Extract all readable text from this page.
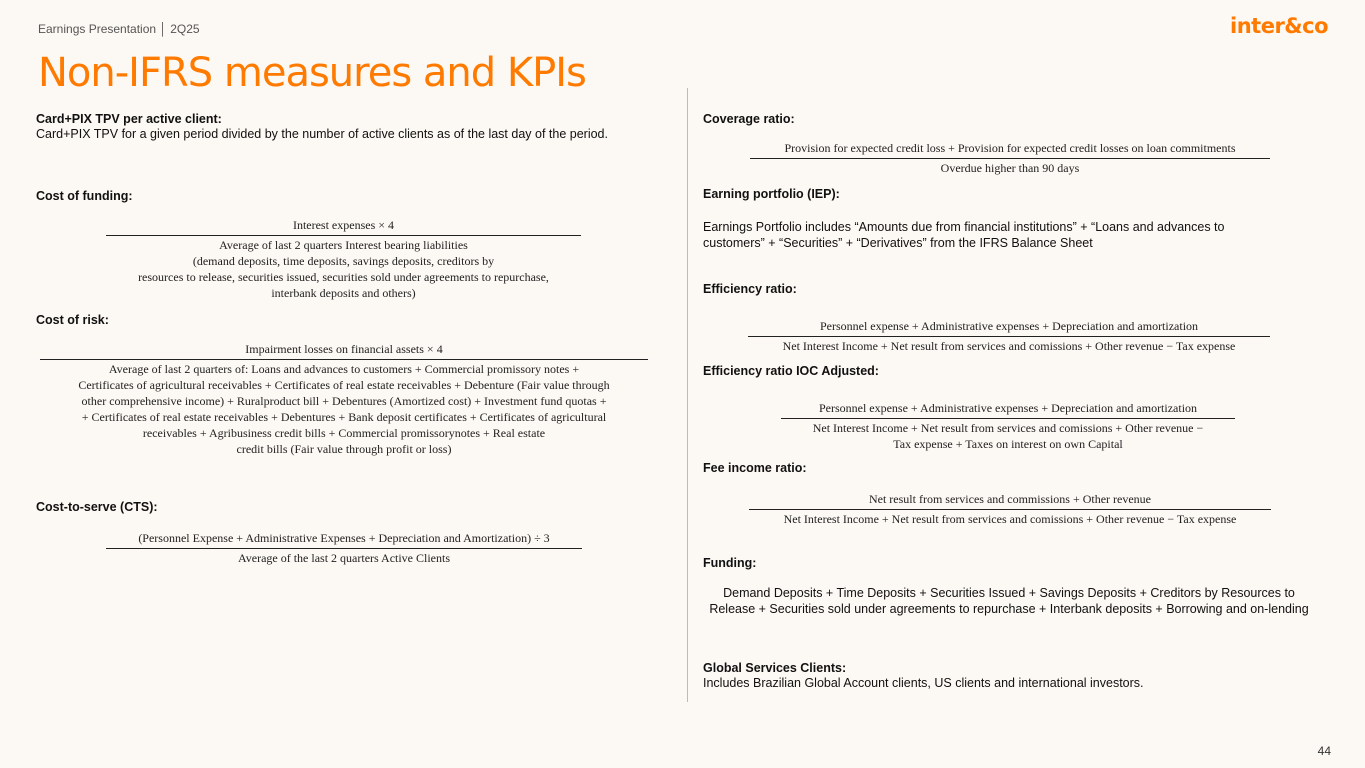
Earnings Presentation │ 2Q25	inter&co
Non-IFRS measures and KPIs
Card+PIX TPV per active client:
Card+PIX TPV for a given period divided by the number of active clients as of the last day of the period.
Cost of funding:
Interest expenses × 4
Average of last 2 quarters Interest bearing liabilities
(demand deposits, time deposits, savings deposits, creditors by
resources to release, securities issued, securities sold under agreements to repurchase,
interbank deposits and others)
Cost of risk:
Impairment losses on financial assets × 4
Average of last 2 quarters of: Loans and advances to customers + Commercial promissory notes +
Certificates of agricultural receivables + Certificates of real estate receivables + Debenture (Fair value through
other comprehensive income) + Ruralproduct bill + Debentures (Amortized cost) + Investment fund quotas +
+ Certificates of real estate receivables + Debentures + Bank deposit certificates + Certificates of agricultural
receivables + Agribusiness credit bills + Commercial promissorynotes + Real estate
credit bills (Fair value through profit or loss)
Cost-to-serve (CTS):
(Personnel Expense + Administrative Expenses + Depreciation and Amortization) ÷ 3
Average of the last 2 quarters Active Clients
Coverage ratio:
Provision for expected credit loss + Provision for expected credit losses on loan commitments
Overdue higher than 90 days
Earning portfolio (IEP):
Earnings Portfolio includes “Amounts due from financial institutions” + “Loans and advances to customers” + “Securities” + “Derivatives” from the IFRS Balance Sheet
Efficiency ratio:
Personnel expense + Administrative expenses + Depreciation and amortization
Net Interest Income + Net result from services and comissions + Other revenue − Tax expense
Efficiency ratio IOC Adjusted:
Personnel expense + Administrative expenses + Depreciation and amortization
Net Interest Income + Net result from services and comissions + Other revenue −
Tax expense + Taxes on interest on own Capital
Fee income ratio:
Net result from services and commissions + Other revenue
Net Interest Income + Net result from services and comissions + Other revenue − Tax expense
Funding:
Demand Deposits + Time Deposits + Securities Issued + Savings Deposits + Creditors by Resources to Release + Securities sold under agreements to repurchase + Interbank deposits + Borrowing and on-lending
Global Services Clients:
Includes Brazilian Global Account clients, US clients and international investors.
44
